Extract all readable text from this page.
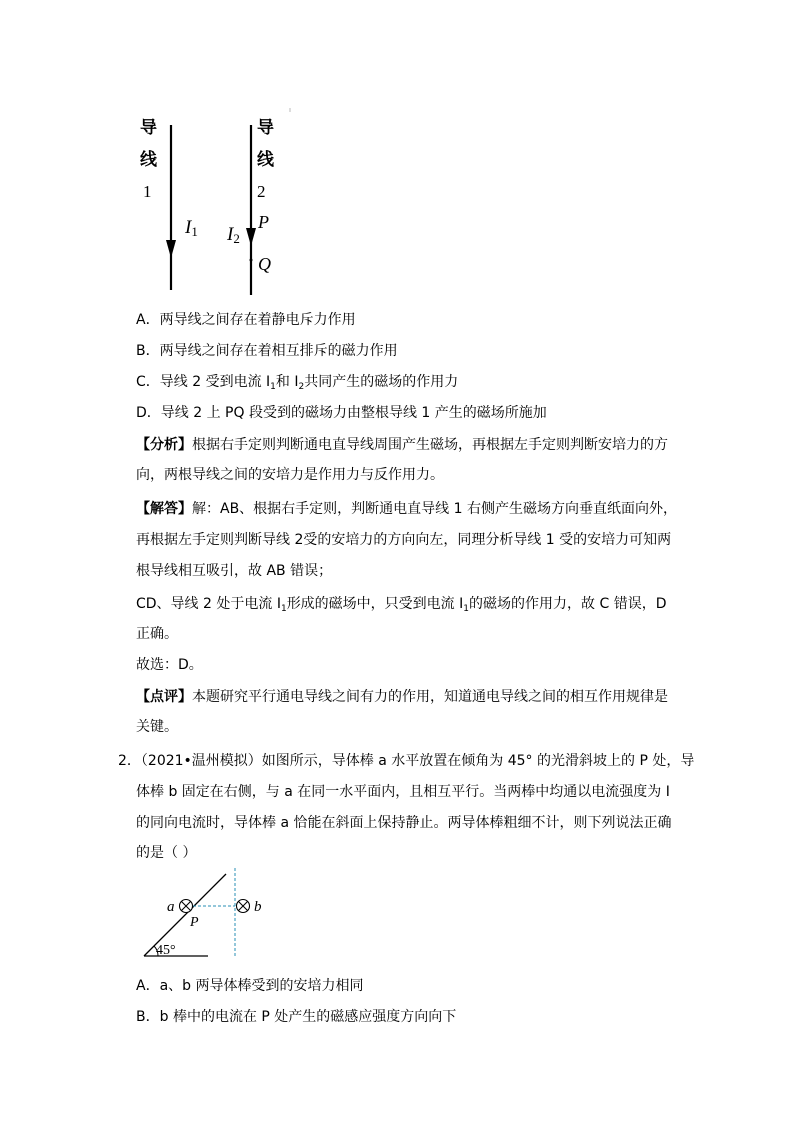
导
线
1
导
线
2
I1 I2
P
Q
A．两导线之间存在着静电斥力作用
B．两导线之间存在着相互排斥的磁力作用
C．导线 2 受到电流 $I_1$和 $I_2$共同产生的磁场的作用力
D．导线 2 上 PQ 段受到的磁场力由整根导线 1 产生的磁场所施加
【分析】根据右手定则判断通电直导线周围产生磁场，再根据左手定则判断安培力的方
向，两根导线之间的安培力是作用力与反作用力。
【解答】解：AB、根据右手定则，判断通电直导线 1 右侧产生磁场方向垂直纸面向外，
再根据左手定则判断导线 2受的安培力的方向向左，同理分析导线 1 受的安培力可知两
根导线相互吸引，故 AB 错误；
CD、导线 2 处于电流 $I_1$形成的磁场中，只受到电流 $I_1$的磁场的作用力，故 C 错误，D
正确。
故选：D。
【点评】本题研究平行通电导线之间有力的作用，知道通电导线之间的相互作用规律是
关键。
2．（2021•温州模拟）如图所示，导体棒 a 水平放置在倾角为 45° 的光滑斜坡上的 P 处，导
体棒 b 固定在右侧，与 a 在同一水平面内，且相互平行。当两棒中均通以电流强度为 I
的同向电流时，导体棒 a 恰能在斜面上保持静止。两导体棒粗细不计，则下列说法正确
的是（ ）
a	b
P
45°
A．a、b 两导体棒受到的安培力相同
B．b 棒中的电流在 P 处产生的磁感应强度方向向下
